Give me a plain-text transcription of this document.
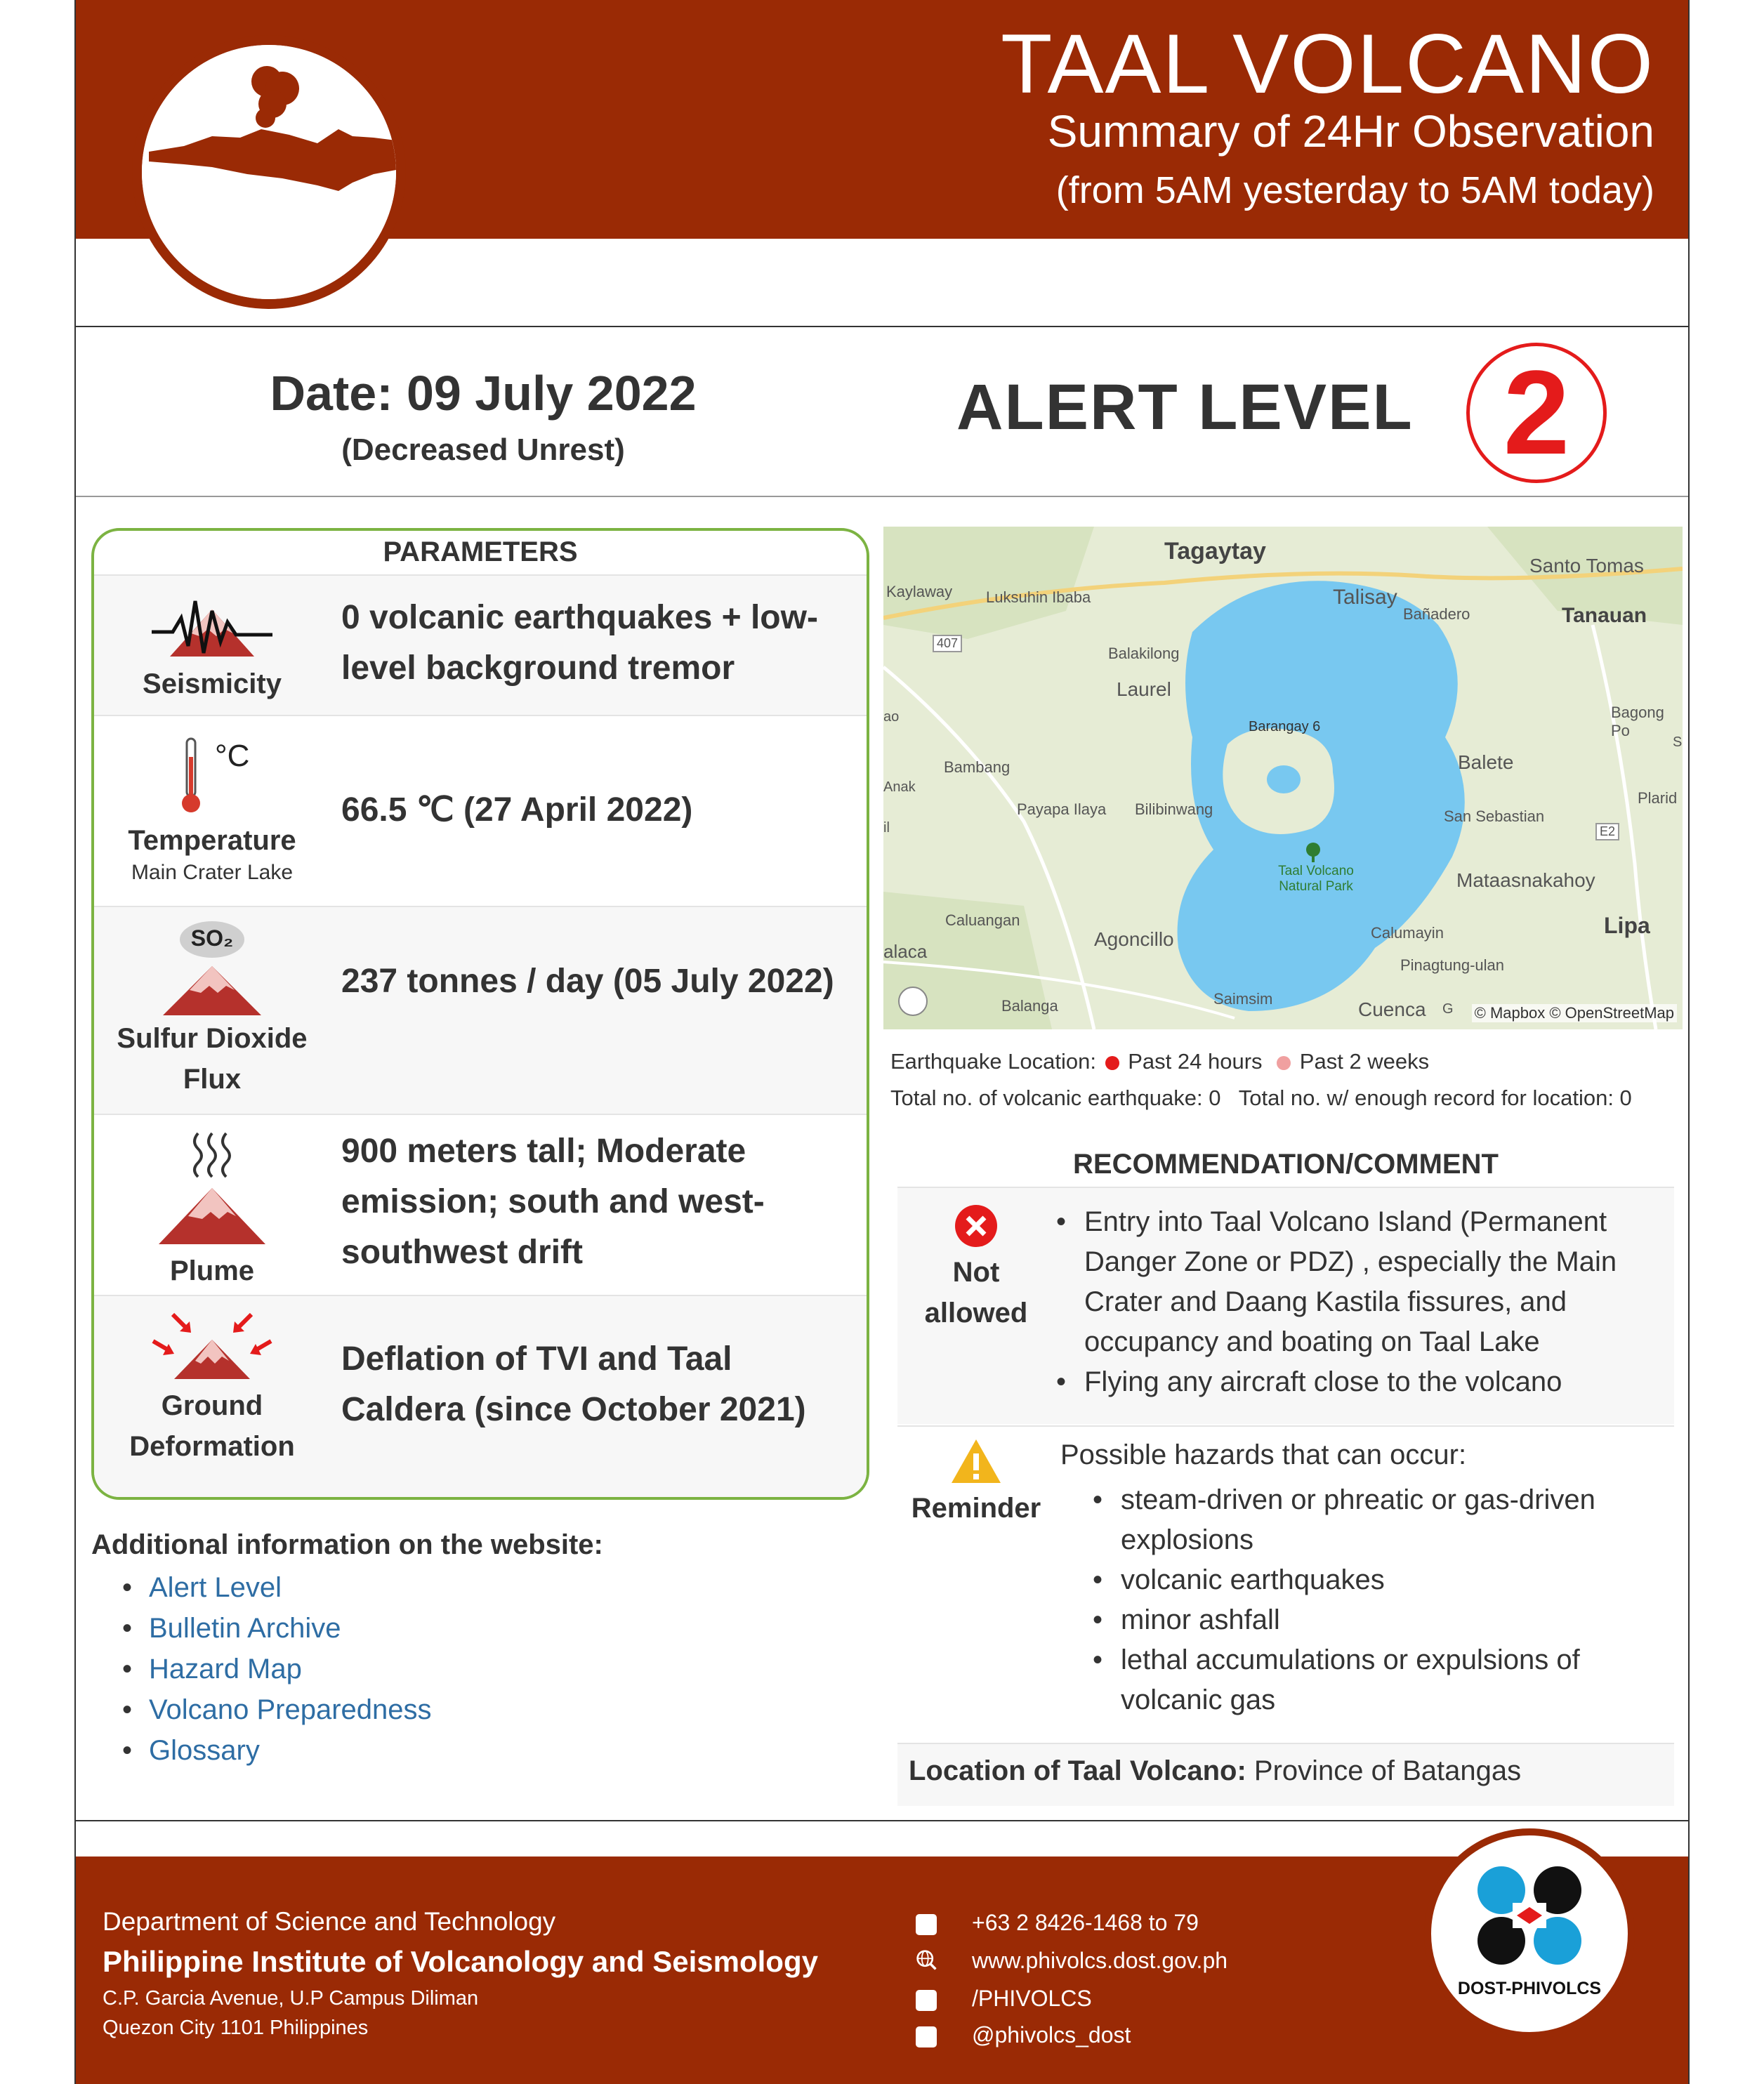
TAAL VOLCANO
Summary of 24Hr Observation
(from 5AM yesterday to 5AM today)
Date: 09 July 2022
(Decreased Unrest)
ALERT LEVEL 2
PARAMETERS
Seismicity
0 volcanic earthquakes + low-level background tremor
°C
Temperature
Main Crater Lake
66.5 ℃ (27 April 2022)
SO₂
Sulfur Dioxide Flux
237 tonnes / day (05 July 2022)
Plume
900 meters tall; Moderate emission; south and west-southwest drift
Ground Deformation
Deflation of TVI and Taal Caldera (since October 2021)
Additional information on the website:
• Alert Level
• Bulletin Archive
• Hazard Map
• Volcano Preparedness
• Glossary
Tagaytay
Santo Tomas
Kaylaway Luksuhin Ibaba	Talisay
Bañadero	Tanauan
407
Balakilong
Laurel
Bagong Po
ao
Barangay 6
Balete
S
Bambang
Anak
Plarid
il
Payapa Ilaya Bilibinwang	San Sebastian
E2
Taal Volcano Natural Park	Mataasnakahoy
Caluangan
Agoncillo
Lipa
Calumayin
alaca
Pinagtung-ulan
Saimsim
Balanga	Cuenca G © Mapbox © OpenStreetMap
Earthquake Location: Past 24 hours Past 2 weeks
Total no. of volcanic earthquake: 0   Total no. w/ enough record for location: 0
RECOMMENDATION/COMMENT
Not
allowed
• Entry into Taal Volcano Island (Permanent Danger Zone or PDZ) , especially the Main Crater and Daang Kastila fissures, and occupancy and boating on Taal Lake
• Flying any aircraft close to the volcano
Reminder
Possible hazards that can occur:
• steam-driven or phreatic or gas-driven explosions
• volcanic earthquakes
• minor ashfall
• lethal accumulations or expulsions of volcanic gas
Location of Taal Volcano: Province of Batangas
Department of Science and Technology
Philippine Institute of Volcanology and Seismology
C.P. Garcia Avenue, U.P Campus Diliman
Quezon City 1101 Philippines
+63 2 8426-1468 to 79
www.phivolcs.dost.gov.ph
/PHIVOLCS
@phivolcs_dost
DOST-PHIVOLCS
